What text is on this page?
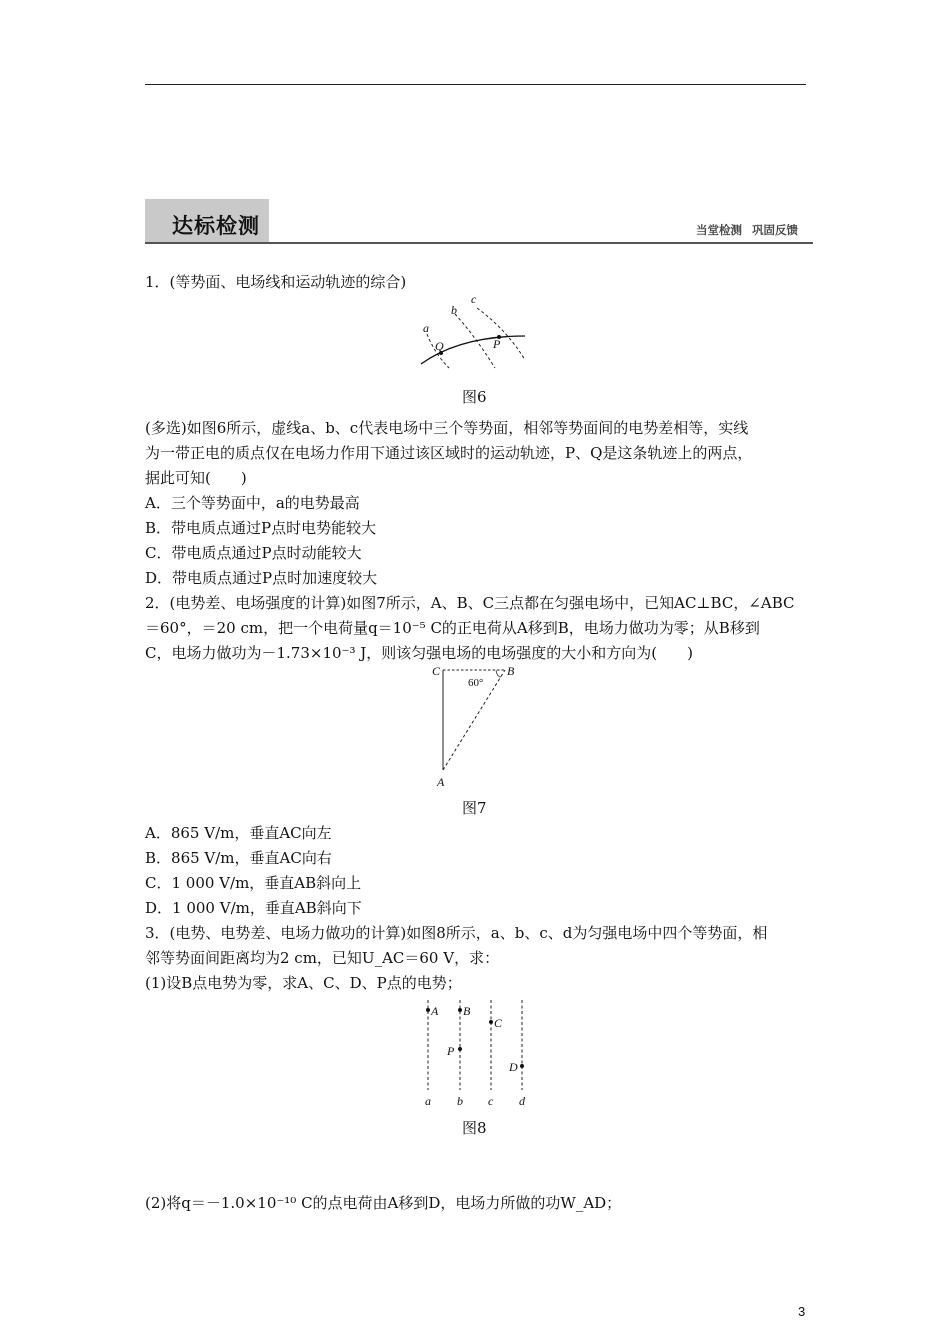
达标检测	当堂检测 巩固反馈
1．(等势面、电场线和运动轨迹的综合)
a
b
c
Q	P
图6
(多选)如图6所示，虚线a、b、c代表电场中三个等势面，相邻等势面间的电势差相等，实线
为一带正电的质点仅在电场力作用下通过该区域时的运动轨迹，P、Q是这条轨迹上的两点，
据此可知(　　)
A．三个等势面中，a的电势最高
B．带电质点通过P点时电势能较大
C．带电质点通过P点时动能较大
D．带电质点通过P点时加速度较大
2．(电势差、电场强度的计算)如图7所示，A、B、C三点都在匀强电场中，已知AC⊥BC，∠ABC
＝60°，＝20 cm，把一个电荷量q＝10⁻⁵ C的正电荷从A移到B，电场力做功为零；从B移到
C，电场力做功为－1.73×10⁻³ J，则该匀强电场的电场强度的大小和方向为(　　)
C	B
A
60°
图7
A．865 V/m，垂直AC向左
B．865 V/m，垂直AC向右
C．1 000 V/m，垂直AB斜向上
D．1 000 V/m，垂直AB斜向下
3．(电势、电势差、电场力做功的计算)如图8所示，a、b、c、d为匀强电场中四个等势面，相
邻等势面间距离均为2 cm，已知U_AC＝60 V，求：
(1)设B点电势为零，求A、C、D、P点的电势；
A B
C
P
D
a b c d
图8
(2)将q＝－1.0×10⁻¹⁰ C的点电荷由A移到D，电场力所做的功W_AD；
3
